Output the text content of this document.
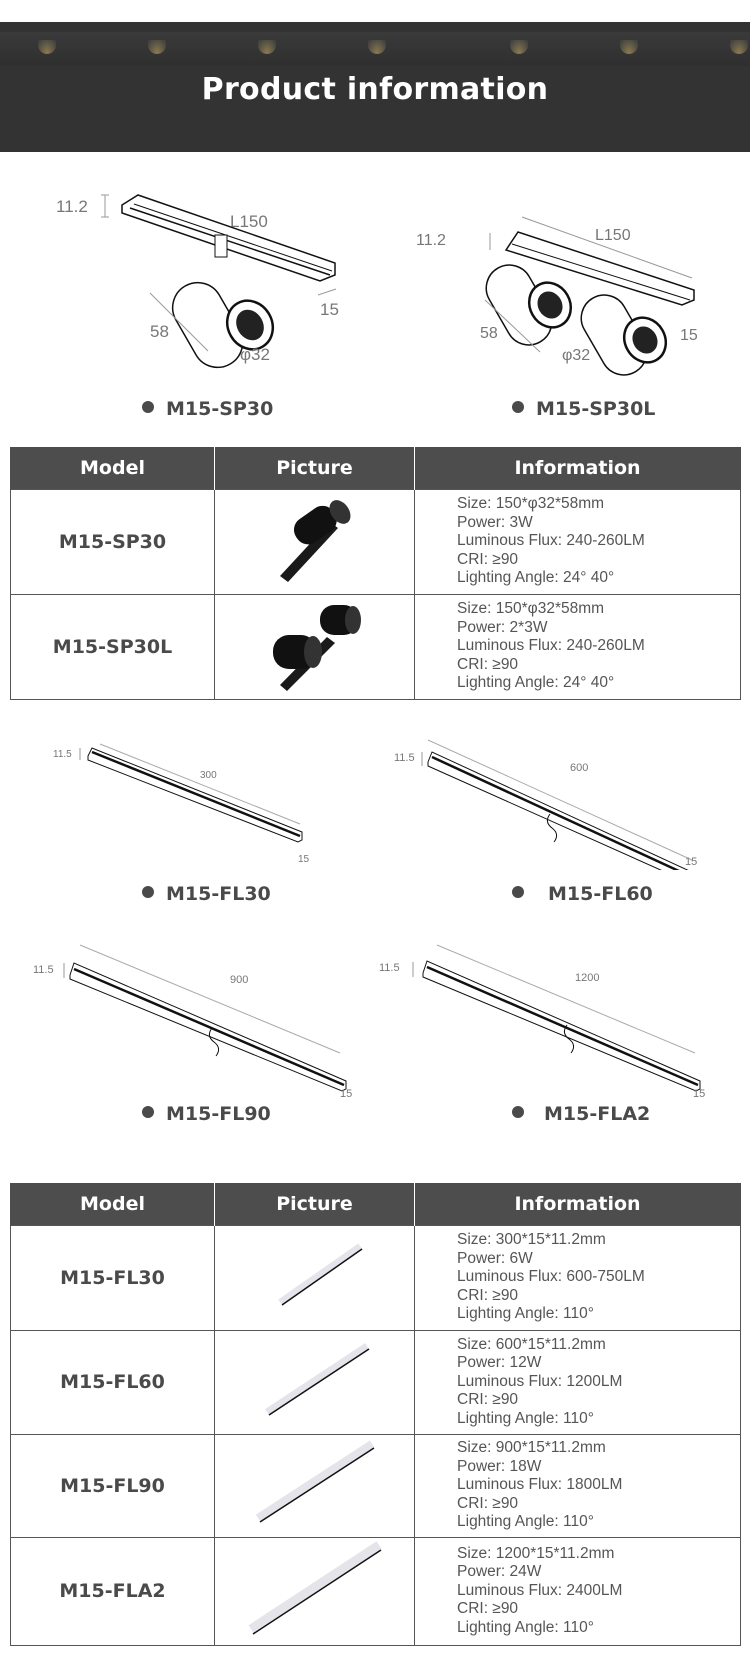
Product information
L150
11.2
15
58
φ32
L150
11.2
15
58
φ32
M15-SP30	M15-SP30L
Model	Picture	Information
M15-SP30		Size: 150*φ32*58mm
Power: 3W
Luminous Flux: 240-260LM
CRI: ≥90
Lighting Angle: 24° 40°

M15-SP30L		Size: 150*φ32*58mm
Power: 2*3W
Luminous Flux: 240-260LM
CRI: ≥90
Lighting Angle: 24° 40°
300
11.5
15
600
11.5
15
900
11.5
15
1200
11.5
15
M15-FL30	M15-FL60
M15-FL90	M15-FLA2
Model	Picture	Information
M15-FL30		Size: 300*15*11.2mm
Power: 6W
Luminous Flux: 600-750LM
CRI: ≥90
Lighting Angle: 110°

M15-FL60		Size: 600*15*11.2mm
Power: 12W
Luminous Flux: 1200LM
CRI: ≥90
Lighting Angle: 110°

M15-FL90		Size: 900*15*11.2mm
Power: 18W
Luminous Flux: 1800LM
CRI: ≥90
Lighting Angle: 110°

M15-FLA2		Size: 1200*15*11.2mm
Power: 24W
Luminous Flux: 2400LM
CRI: ≥90
Lighting Angle: 110°
